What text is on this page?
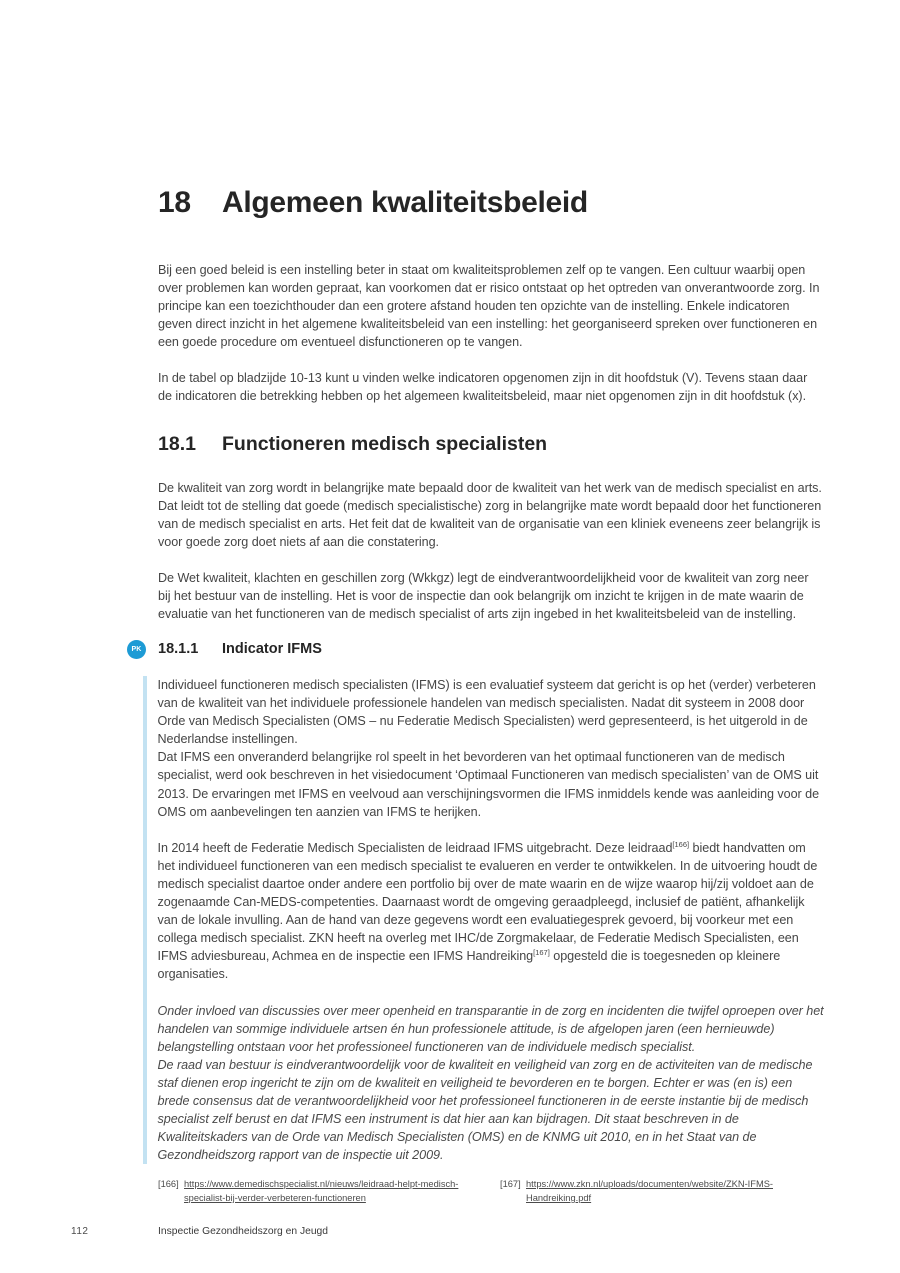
18	Algemeen kwaliteitsbeleid
Bij een goed beleid is een instelling beter in staat om kwaliteitsproblemen zelf op te vangen. Een cultuur waarbij open over problemen kan worden gepraat, kan voorkomen dat er risico ontstaat op het optreden van onverantwoorde zorg. In principe kan een toezichthouder dan een grotere afstand houden ten opzichte van de instelling. Enkele indicatoren geven direct inzicht in het algemene kwaliteitsbeleid van een instelling: het georganiseerd spreken over functioneren en een goede procedure om eventueel disfunctioneren op te vangen.
In de tabel op bladzijde 10-13 kunt u vinden welke indicatoren opgenomen zijn in dit hoofdstuk (V). Tevens staan daar de indicatoren die betrekking hebben op het algemeen kwaliteitsbeleid, maar niet opgenomen zijn in dit hoofdstuk (x).
18.1	Functioneren medisch specialisten
De kwaliteit van zorg wordt in belangrijke mate bepaald door de kwaliteit van het werk van de medisch specialist en arts. Dat leidt tot de stelling dat goede (medisch specialistische) zorg in belangrijke mate wordt bepaald door het functioneren van de medisch specialist en arts. Het feit dat de kwaliteit van de organisatie van een kliniek eveneens zeer belangrijk is voor goede zorg doet niets af aan die constatering.
De Wet kwaliteit, klachten en geschillen zorg (Wkkgz) legt de eindverantwoordelijkheid voor de kwaliteit van zorg neer bij het bestuur van de instelling. Het is voor de inspectie dan ook belangrijk om inzicht te krijgen in de mate waarin de evaluatie van het functioneren van de medisch specialist of arts zijn ingebed in het kwaliteitsbeleid van de instelling.
PK	18.1.1	Indicator IFMS

Individueel functioneren medisch specialisten (IFMS) is een evaluatief systeem dat gericht is op het (verder) verbeteren van de kwaliteit van het individuele professionele handelen van medisch specialisten. Nadat dit systeem in 2008 door Orde van Medisch Specialisten (OMS – nu Federatie Medisch Specialisten) werd gepresenteerd, is het uitgerold in de Nederlandse instellingen.

Dat IFMS een onveranderd belangrijke rol speelt in het bevorderen van het optimaal functioneren van de medisch specialist, werd ook beschreven in het visiedocument ‘Optimaal Functioneren van medisch specialisten’ van de OMS uit 2013. De ervaringen met IFMS en veelvoud aan verschijningsvormen die IFMS inmiddels kende was aanleiding voor de OMS om aanbevelingen ten aanzien van IFMS te herijken.

In 2014 heeft de Federatie Medisch Specialisten de leidraad IFMS uitgebracht. Deze leidraad[166] biedt handvatten om het individueel functioneren van een medisch specialist te evalueren en verder te ontwikkelen. In de uitvoering houdt de medisch specialist daartoe onder andere een portfolio bij over de mate waarin en de wijze waarop hij/zij voldoet aan de zogenaamde Can-MEDS-competenties. Daarnaast wordt de omgeving geraadpleegd, inclusief de patiënt, afhankelijk van de lokale invulling. Aan de hand van deze gegevens wordt een evaluatiegesprek gevoerd, bij voorkeur met een collega medisch specialist. ZKN heeft na overleg met IHC/de Zorgmakelaar, de Federatie Medisch Specialisten, een IFMS adviesbureau, Achmea en de inspectie een IFMS Handreiking[167] opgesteld die is toegesneden op kleinere organisaties.

Onder invloed van discussies over meer openheid en transparantie in de zorg en incidenten die twijfel oproepen over het handelen van sommige individuele artsen én hun professionele attitude, is de afgelopen jaren (een hernieuwde) belangstelling ontstaan voor het professioneel functioneren van de individuele medisch specialist.

De raad van bestuur is eindverantwoordelijk voor de kwaliteit en veiligheid van zorg en de activiteiten van de medische staf dienen erop ingericht te zijn om de kwaliteit en veiligheid te bevorderen en te borgen. Echter er was (en is) een brede consensus dat de verantwoordelijkheid voor het professioneel functioneren in de eerste instantie bij de medisch specialist zelf berust en dat IFMS een instrument is dat hier aan kan bijdragen. Dit staat beschreven in de Kwaliteitskaders van de Orde van Medisch Specialisten (OMS) en de KNMG uit 2010, en in het Staat van de Gezondheidszorg rapport van de inspectie uit 2009.

[166] https://www.demedischspecialist.nl/nieuws/leidraad-helpt-medisch-specialist-bij-verder-verbeteren-functioneren
[167] https://www.zkn.nl/uploads/documenten/website/ZKN-IFMS-Handreiking.pdf
112	Inspectie Gezondheidszorg en Jeugd
